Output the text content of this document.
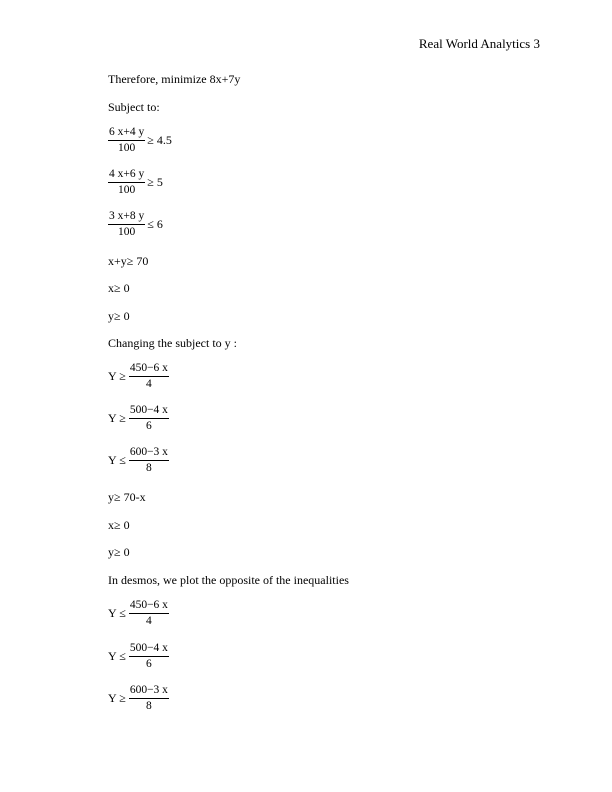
Real World Analytics 3
Therefore, minimize 8x+7y
Subject to:
$\frac{6 x+4 y}{100} \ge 4.5$
$\frac{4 x+6 y}{100} \ge 5$
$\frac{3 x+8 y}{100} \le 6$
x+y≥ 70
x≥ 0
y≥ 0
Changing the subject to y :
$Y \ge \frac{450-6 x}{4}$
$Y \ge \frac{500-4 x}{6}$
$Y \le \frac{600-3 x}{8}$
y≥ 70-x
x≥ 0
y≥ 0
In desmos, we plot the opposite of the inequalities
$Y \le \frac{450-6 x}{4}$
$Y \le \frac{500-4 x}{6}$
$Y \ge \frac{600-3 x}{8}$
